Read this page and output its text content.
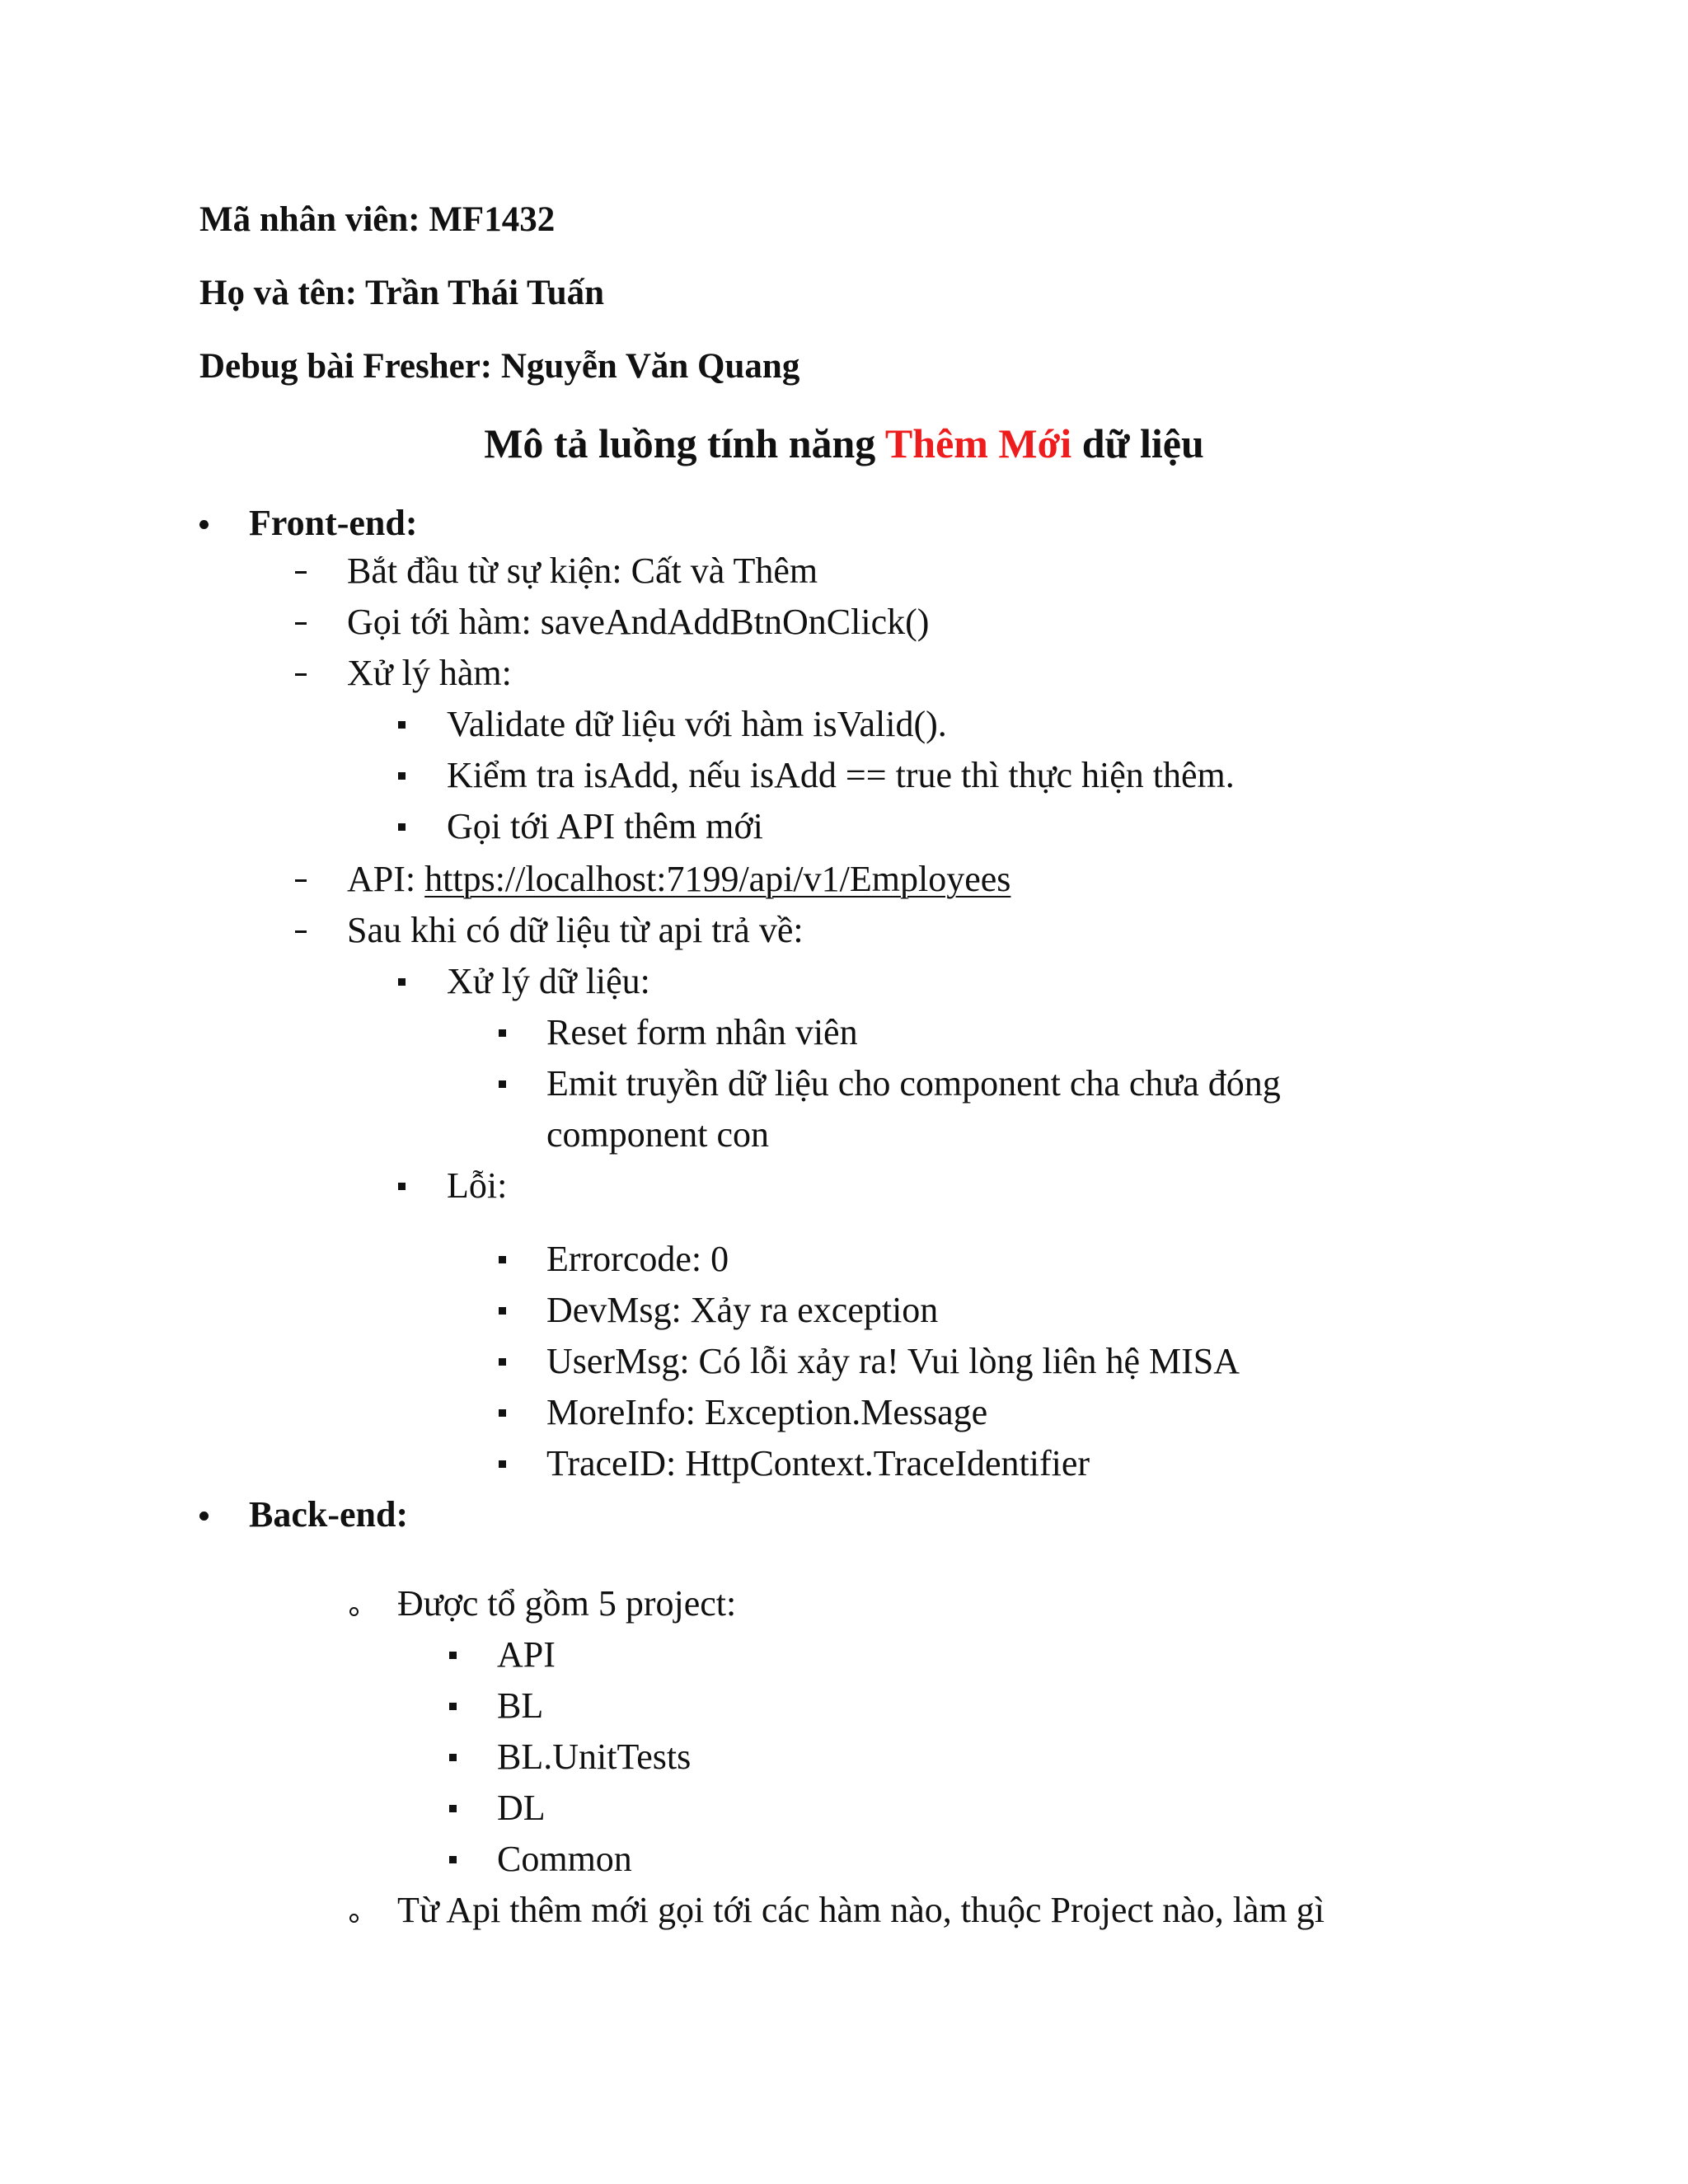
Mã nhân viên: MF1432
Họ và tên: Trần Thái Tuấn
Debug bài Fresher: Nguyễn Văn Quang
Mô tả luồng tính năng Thêm Mới dữ liệu
Front-end:
Bắt đầu từ sự kiện: Cất và Thêm
Gọi tới hàm: saveAndAddBtnOnClick()
Xử lý hàm:
Validate dữ liệu với hàm isValid().
Kiểm tra isAdd, nếu isAdd == true thì thực hiện thêm.
Gọi tới API thêm mới
API: https://localhost:7199/api/v1/Employees
Sau khi có dữ liệu từ api trả về:
Xử lý dữ liệu:
Reset form nhân viên
Emit truyền dữ liệu cho component cha chưa đóng
component con
Lỗi:
Errorcode: 0
DevMsg: Xảy ra exception
UserMsg: Có lỗi xảy ra! Vui lòng liên hệ MISA
MoreInfo: Exception.Message
TraceID: HttpContext.TraceIdentifier
Back-end:
Được tổ gồm 5 project:
API
BL
BL.UnitTests
DL
Common
Từ Api thêm mới gọi tới các hàm nào, thuộc Project nào, làm gì
